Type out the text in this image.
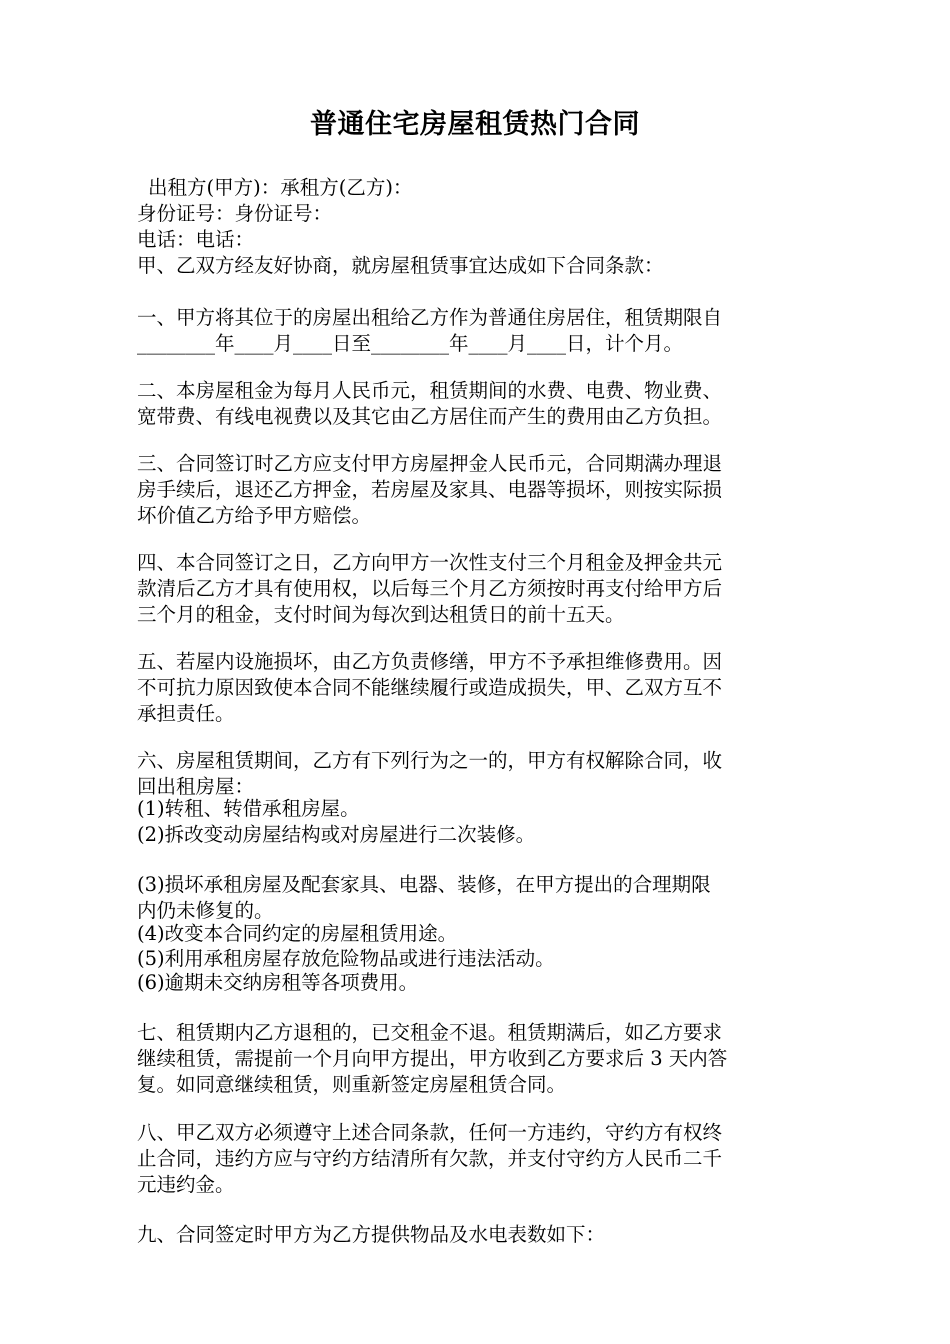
普通住宅房屋租赁热门合同
出租方(甲方)：承租方(乙方)：
身份证号：身份证号：
电话：电话：
甲、乙双方经友好协商，就房屋租赁事宜达成如下合同条款：
一、甲方将其位于的房屋出租给乙方作为普通住房居住，租赁期限自
________年____月____日至________年____月____日，计个月。
二、本房屋租金为每月人民币元，租赁期间的水费、电费、物业费、
宽带费、有线电视费以及其它由乙方居住而产生的费用由乙方负担。
三、合同签订时乙方应支付甲方房屋押金人民币元，合同期满办理退
房手续后，退还乙方押金，若房屋及家具、电器等损坏，则按实际损
坏价值乙方给予甲方赔偿。
四、本合同签订之日，乙方向甲方一次性支付三个月租金及押金共元
款清后乙方才具有使用权，以后每三个月乙方须按时再支付给甲方后
三个月的租金，支付时间为每次到达租赁日的前十五天。
五、若屋内设施损坏，由乙方负责修缮，甲方不予承担维修费用。因
不可抗力原因致使本合同不能继续履行或造成损失，甲、乙双方互不
承担责任。
六、房屋租赁期间，乙方有下列行为之一的，甲方有权解除合同，收
回出租房屋：
(1)转租、转借承租房屋。
(2)拆改变动房屋结构或对房屋进行二次装修。
(3)损坏承租房屋及配套家具、电器、装修，在甲方提出的合理期限
内仍未修复的。
(4)改变本合同约定的房屋租赁用途。
(5)利用承租房屋存放危险物品或进行违法活动。
(6)逾期未交纳房租等各项费用。
七、租赁期内乙方退租的，已交租金不退。租赁期满后，如乙方要求
继续租赁，需提前一个月向甲方提出，甲方收到乙方要求后 3 天内答
复。如同意继续租赁，则重新签定房屋租赁合同。
八、甲乙双方必须遵守上述合同条款，任何一方违约，守约方有权终
止合同，违约方应与守约方结清所有欠款，并支付守约方人民币二千
元违约金。
九、合同签定时甲方为乙方提供物品及水电表数如下：
